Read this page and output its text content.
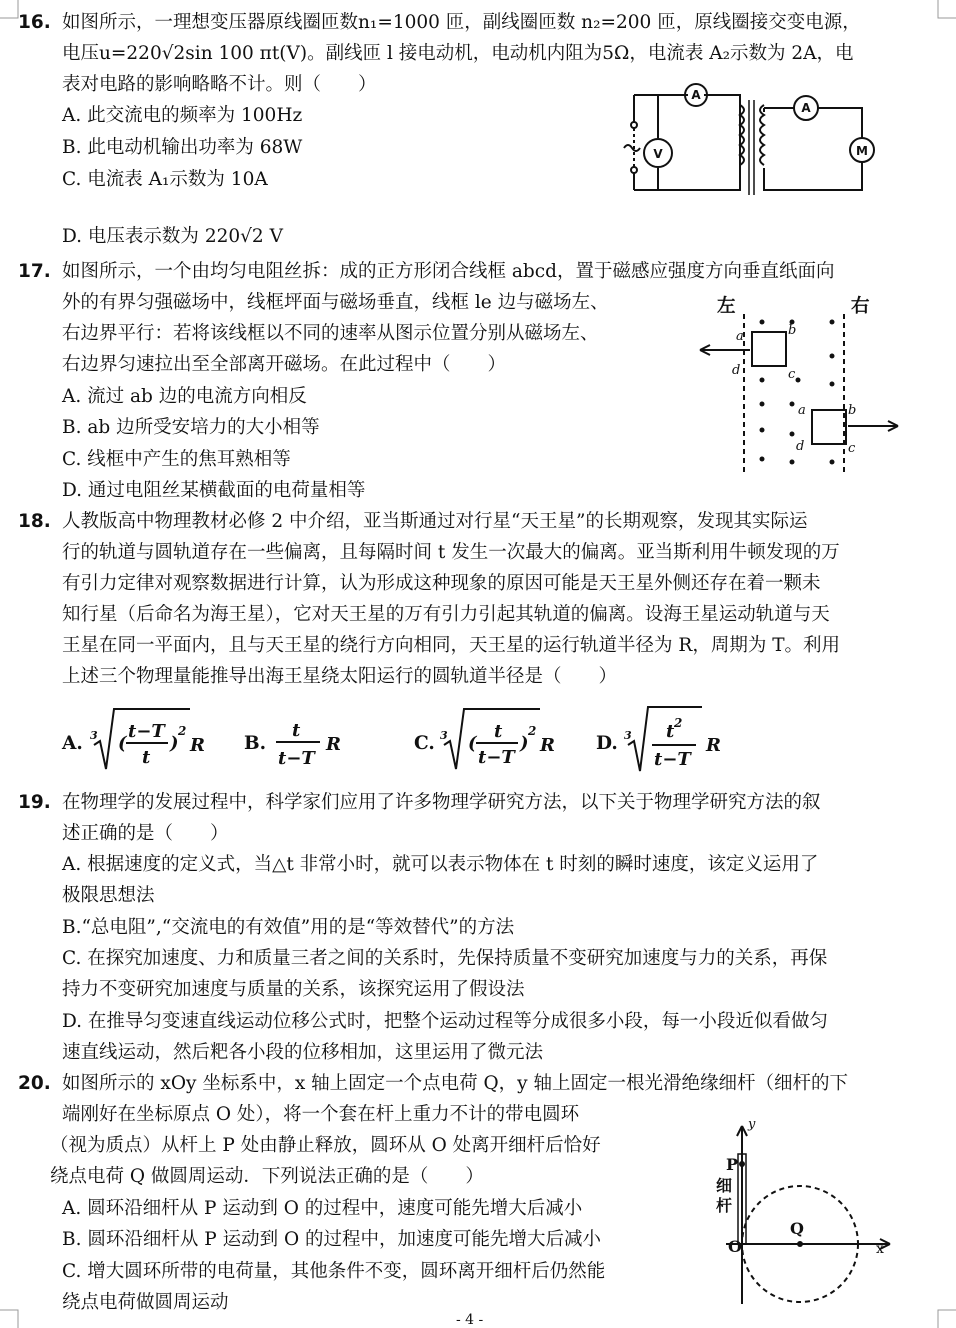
16. 如图所示，一理想变压器原线圈匝数n₁=1000 匝，副线圈匝数 n₂=200 匝，原线圈接交变电源，
电压u=220√2sin 100 πt(V)。副线匝 l 接电动机，电动机内阻为5Ω，电流表 A₂示数为 2A，电
表对电路的影响略略不计。则（　　）
A. 此交流电的频率为 100Hz
B. 此电动机输出功率为 68W
C. 电流表 A₁示数为 10A
D. 电压表示数为 220√2 V
V
A
A
M
17. 如图所示，一个由均匀电阻丝拆：成的正方形闭合线框 abcd，置于磁感应强度方向垂直纸面向
外的有界匀强磁场中，线框坪面与磁场垂直，线框 le 边与磁场左、
右边界平行：若将该线框以不同的速率从图示位置分别从磁场左、
右边界匀速拉出至全部离开磁场。在此过程中（　　）
A. 流过 ab 边的电流方向相反
B. ab 边所受安培力的大小相等
C. 线框中产生的焦耳熟相等
D. 通过电阻丝某横截面的电荷量相等
左	右
a	b
d	c
a	b
d	c
18. 人教版高中物理教材必修 2 中介绍，亚当斯通过对行星“天王星”的长期观察，发现其实际运
行的轨道与圆轨道存在一些偏离，且每隔时间 t 发生一次最大的偏离。亚当斯利用牛顿发现的万
有引力定律对观察数据进行计算，认为形成这种现象的原因可能是天王星外侧还存在着一颗未
知行星（后命名为海王星），它对天王星的万有引力引起其轨道的偏离。设海王星运动轨道与天
王星在同一平面内，且与天王星的绕行方向相同，天王星的运行轨道半径为 R，周期为 T。利用
上述三个物理量能推导出海王星绕太阳运行的圆轨道半径是（　　）
A.	B.	C.	D.
3 (
t−T
t
)
2
R
t
t−T
R	3 (
t
t−T
)
2
R	3 t 2
t−T
R
19. 在物理学的发展过程中，科学家们应用了许多物理学研究方法，以下关于物理学研究方法的叙
述正确的是（　　）
A. 根据速度的定义式，当△t 非常小时，就可以表示物体在 t 时刻的瞬时速度，该定义运用了
极限思想法
B.“总电阻”,“交流电的有效值”用的是“等效替代”的方法
C. 在探究加速度、力和质量三者之间的关系时，先保持质量不变研究加速度与力的关系，再保
持力不变研究加速度与质量的关系，该探究运用了假设法
D. 在推导匀变速直线运动位移公式时，把整个运动过程等分成很多小段，每一小段近似看做匀
速直线运动，然后粑各小段的位移相加，这里运用了微元法
20. 如图所示的 xOy 坐标系中，x 轴上固定一个点电荷 Q，y 轴上固定一根光滑绝缘细杆（细杆的下
端刚好在坐标原点 O 处），将一个套在杆上重力不计的带电圆环
（视为质点）从杆上 P 处由静止释放，圆环从 O 处离开细杆后恰好
绕点电荷 Q 做圆周运动．下列说法正确的是（　　）
A. 圆环沿细杆从 P 运动到 O 的过程中，速度可能先增大后减小
B. 圆环沿细杆从 P 运动到 O 的过程中，加速度可能先增大后减小
C. 增大圆环所带的电荷量，其他条件不变，圆环离开细杆后仍然能
绕点电荷做圆周运动
y
x
P
O
Q
细杆
- 4 -
